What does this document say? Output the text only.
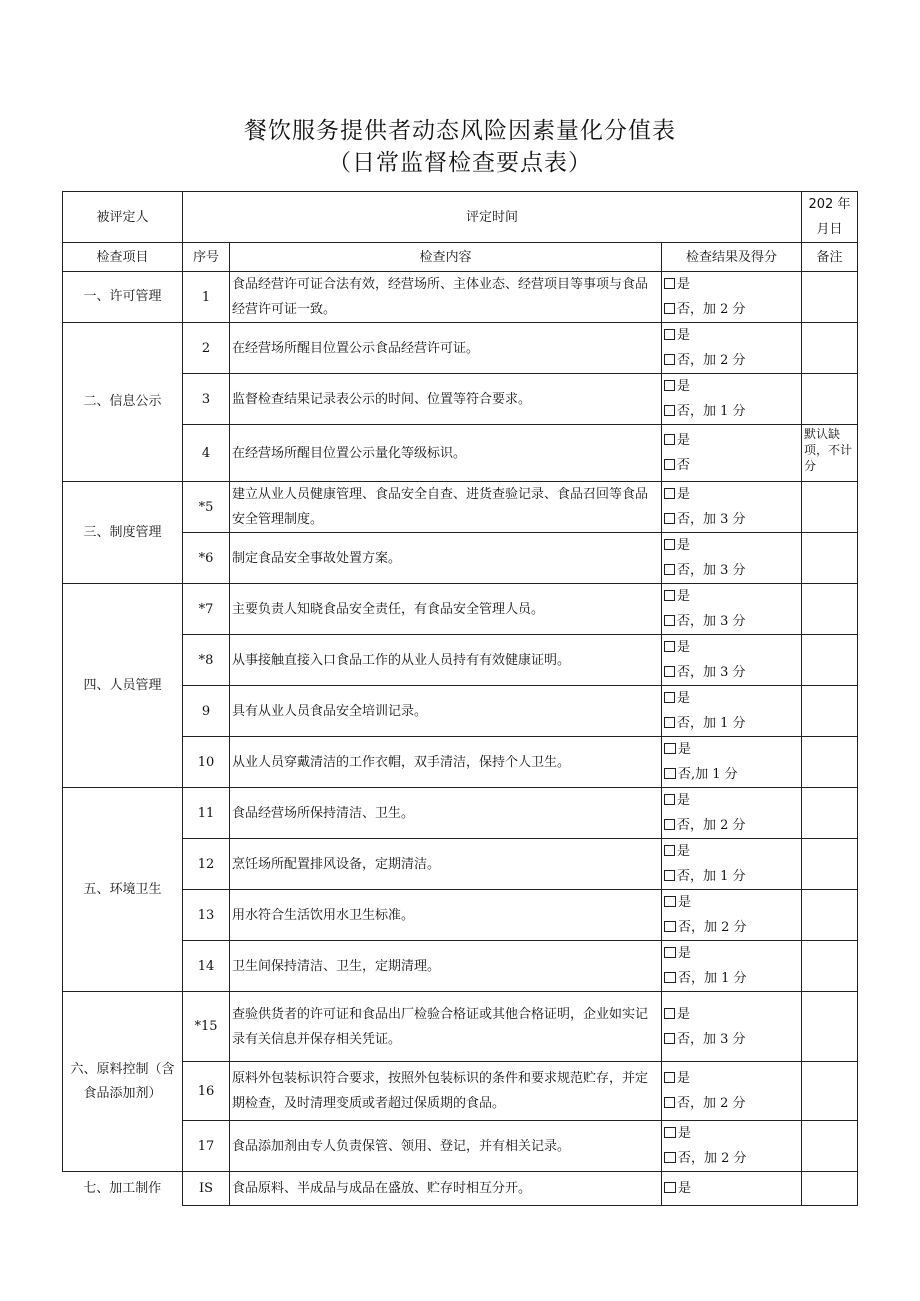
餐饮服务提供者动态风险因素量化分值表
（日常监督检查要点表）
被评定人	评定时间			202 年月日
检查项目	序号	检查内容	检查结果及得分	备注
一、许可管理	1	食品经营许可证合法有效，经营场所、主体业态、经营项目等事项与食品经营许可证一致。	是
否，加 2 分	

二、信息公示	2	在经营场所醒目位置公示食品经营许可证。	是
否，加 2 分	

	3	监督检查结果记录表公示的时间、位置等符合要求。	是
否，加 1 分	

	4	在经营场所醒目位置公示量化等级标识。	是
否	默认缺项，不计分
三、制度管理	*5	建立从业人员健康管理、食品安全自查、进货查验记录、食品召回等食品安全管理制度。	是
否，加 3 分	

	*6	制定食品安全事故处置方案。	是
否，加 3 分	

四、人员管理	*7	主要负责人知晓食品安全责任，有食品安全管理人员。	是
否，加 3 分	

	*8	从事接触直接入口食品工作的从业人员持有有效健康证明。	是
否，加 3 分	

	9	具有从业人员食品安全培训记录。	是
否，加 1 分	

	10	从业人员穿戴清洁的工作衣帽，双手清洁，保持个人卫生。	是
否,加 1 分	

五、环境卫生	11	食品经营场所保持清洁、卫生。	是
否，加 2 分	

	12	烹饪场所配置排风设备，定期清洁。	是
否，加 1 分	

	13	用水符合生活饮用水卫生标准。	是
否，加 2 分	

	14	卫生间保持清洁、卫生，定期清理。	是
否，加 1 分	

六、原料控制（含食品添加剂）	*15	查验供货者的许可证和食品出厂检验合格证或其他合格证明，企业如实记录有关信息并保存相关凭证。	是
否，加 3 分	

	16	原料外包装标识符合要求，按照外包装标识的条件和要求规范贮存，并定期检查，及时清理变质或者超过保质期的食品。	是
否，加 2 分	

	17	食品添加剂由专人负责保管、领用、登记，并有相关记录。	是
否，加 2 分	

七、加工制作	IS	食品原料、半成品与成品在盛放、贮存时相互分开。	是	
